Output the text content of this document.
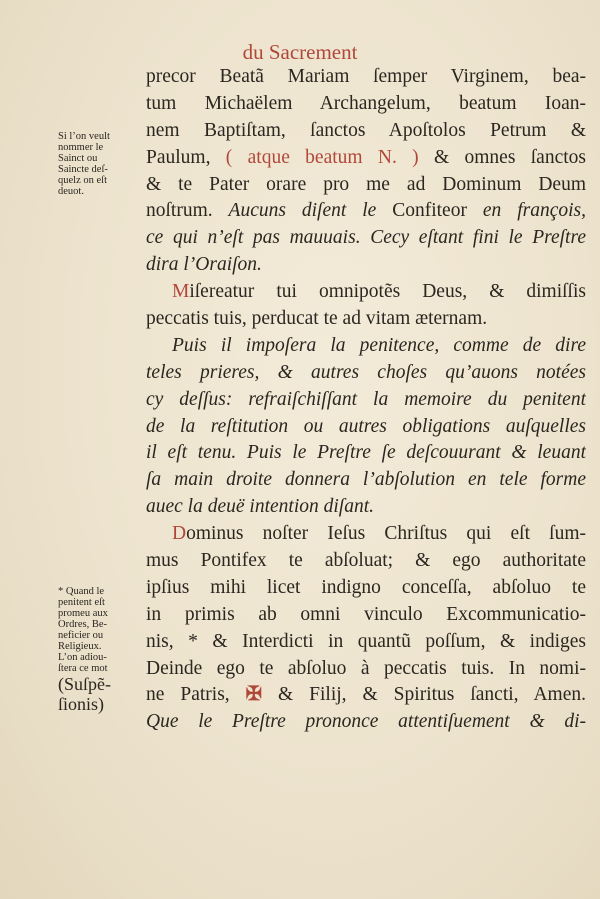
du Sacrement
precor Beatã Mariam ſemper Virginem, bea-
tum Michaëlem Archangelum, beatum Ioan-
nem Baptiſtam, ſanctos Apoſtolos Petrum &
Paulum, ( atque beatum N. ) & omnes ſanctos
& te Pater orare pro me ad Dominum Deum
noſtrum. Aucuns diſent le Confiteor en françois,
ce qui n’eſt pas mauuais. Cecy eſtant fini le Preſtre
dira l’Oraiſon.
Miſereatur tui omnipotẽs Deus, & dimiſſis
peccatis tuis, perducat te ad vitam æternam.
Puis il impoſera la penitence, comme de dire
teles prieres, & autres choſes qu’auons notées
cy deſſus: refraiſchiſſant la memoire du penitent
de la reſtitution ou autres obligations auſquelles
il eſt tenu. Puis le Preſtre ſe deſcouurant & leuant
ſa main droite donnera l’abſolution en tele forme
auec la deuë intention diſant.
Dominus noſter Ieſus Chriſtus qui eſt ſum-
mus Pontifex te abſoluat; & ego authoritate
ipſius mihi licet indigno conceſſa, abſoluo te
in primis ab omni vinculo Excommunicatio-
nis, * & Interdicti in quantũ poſſum, & indiges
Deinde ego te abſoluo à peccatis tuis. In nomi-
ne Patris, ✠ & Filij, & Spiritus ſancti, Amen.
Que le Preſtre prononce attentiſuement & di-
Si l’on veult
nommer le
Sainct ou
Saincte deſ-
quelz on eſt
deuot.
* Quand le
penitent eſt
promeu aux
Ordres, Be-
neficier ou
Religieux.
L’on adiou-
ſtera ce mot
(Suſpẽ-
ſionis)
